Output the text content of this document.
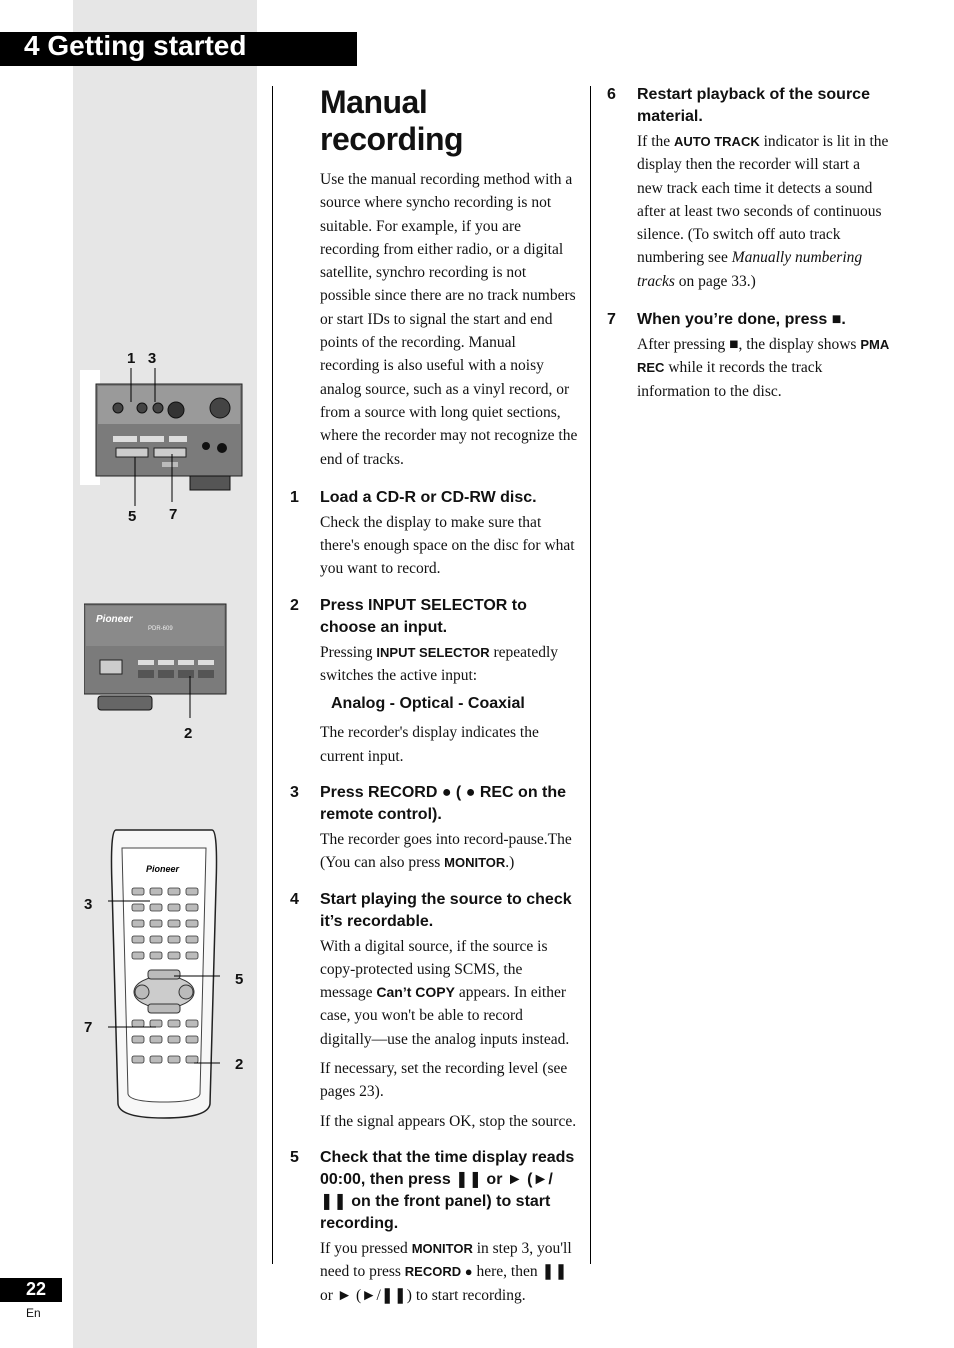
4 Getting started
1   3
5 7
Pioneer
PDR-609
2
Pioneer
3
7
5
2
Manual recording

Use the manual recording method with a source where syncho recording is not suitable. For example, if you are recording from either radio, or a digital satellite, synchro recording is not possible since there are no track numbers or start IDs to signal the start and end points of the recording. Manual recording is also useful with a noisy analog source, such as a vinyl record, or from a source with long quiet sections, where the recorder may not recognize the end of tracks.

1 Load a CD-R or CD-RW disc.

Check the display to make sure that there's enough space on the disc for what you want to record.

2 Press INPUT SELECTOR to choose an input.

Pressing INPUT SELECTOR repeatedly switches the active input:

Analog - Optical - Coaxial

The recorder's display indicates the current input.

3 Press RECORD ● ( ● REC on the remote control).

The recorder goes into record-pause.The (You can also press MONITOR.)

4 Start playing the source to check it’s recordable.

With a digital source, if the source is copy-protected using SCMS, the message Can’t COPY appears. In either case, you won't be able to record digitally—use the analog inputs instead.

If necessary, set the recording level (see pages 23).

If the signal appears OK, stop the source.

5 Check that the time display reads 00:00, then press ❚❚ or ► (►/❚❚ on the front panel) to start recording.

If you pressed MONITOR in step 3, you'll need to press RECORD ● here, then ❚❚ or ► (►/❚❚) to start recording.

6 Restart playback of the source material.

If the AUTO TRACK indicator is lit in the display then the recorder will start a new track each time it detects a sound after at least two seconds of continuous silence. (To switch off auto track numbering see Manually numbering tracks on page 33.)

7 When you’re done, press ■.

After pressing ■, the display shows PMA REC while it records the track information to the disc.

22
En
